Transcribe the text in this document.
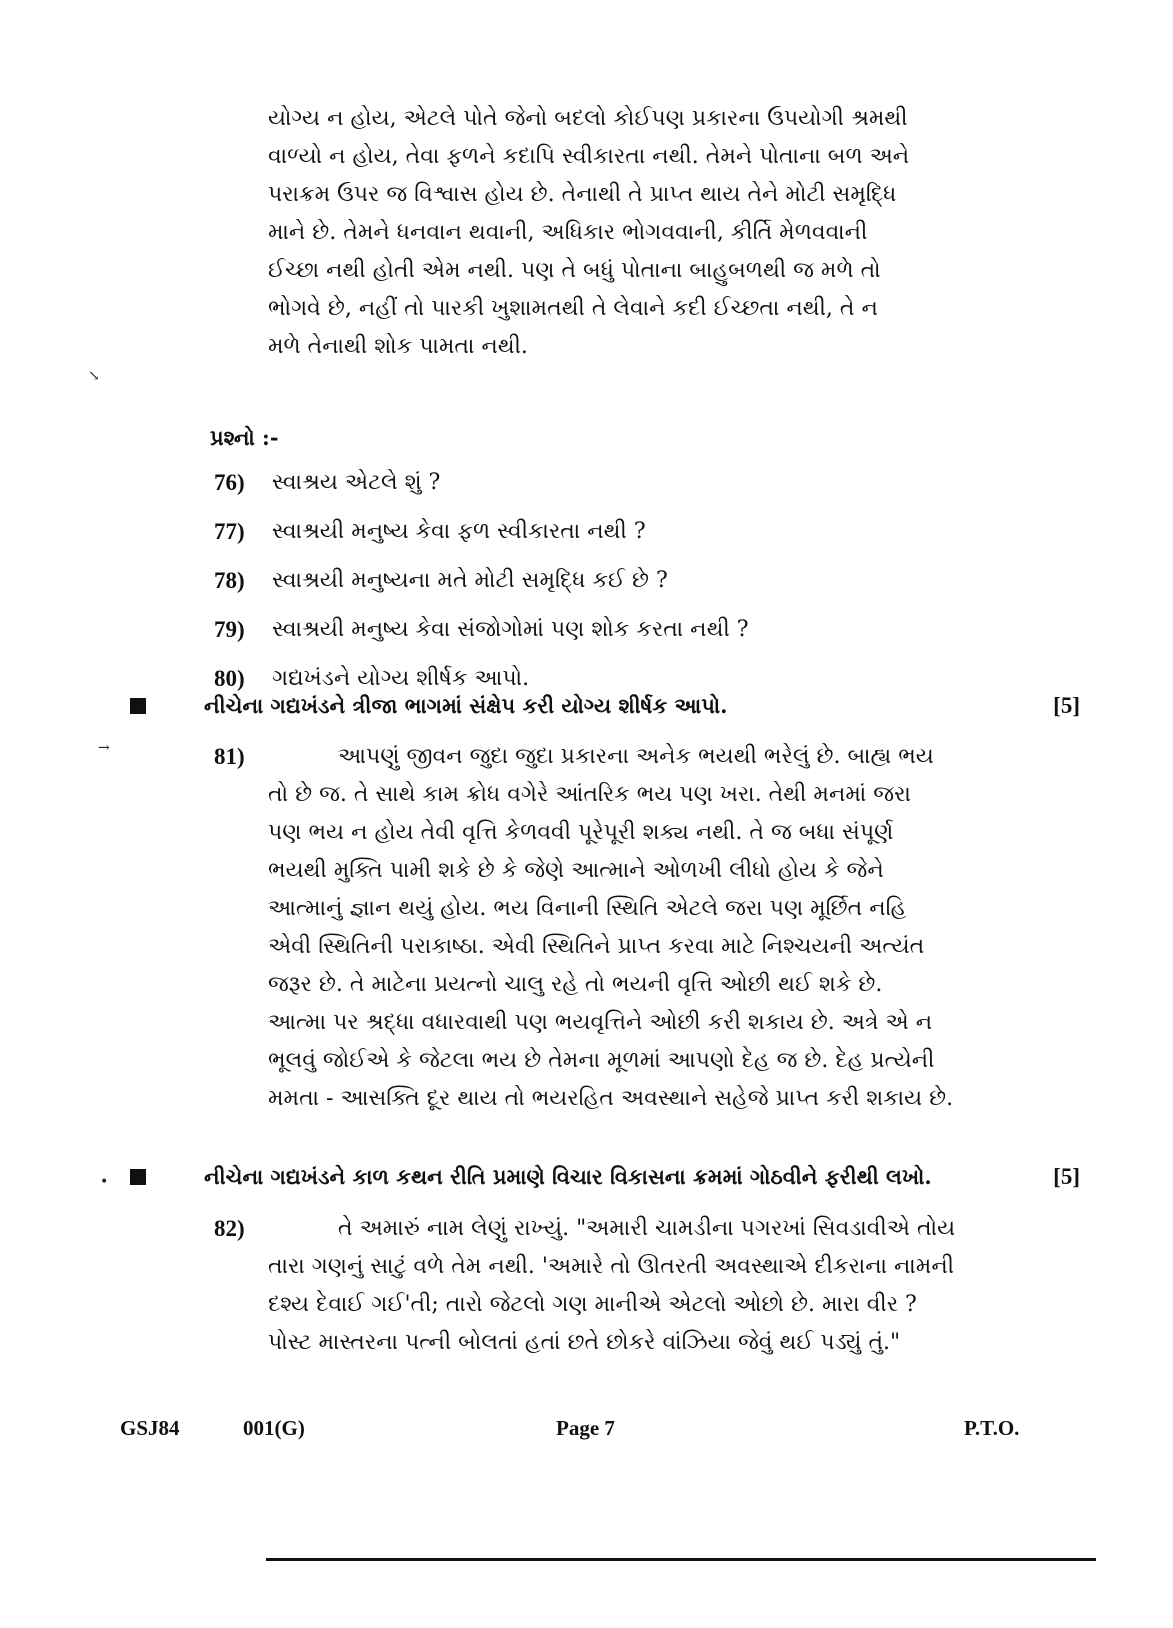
યોગ્ય ન હોય, એટલે પોતે જેનો બદલો કોઈપણ પ્રકારના ઉપયોગી શ્રમથી
વાળ્યો ન હોય, તેવા ફળને કદાપિ સ્વીકારતા નથી. તેમને પોતાના બળ અને
પરાક્રમ ઉપર જ વિશ્વાસ હોય છે. તેનાથી તે પ્રાપ્ત થાય તેને મોટી સમૃદ્ધિ
માને છે. તેમને ધનવાન થવાની, અધિકાર ભોગવવાની, કીર્તિ મેળવવાની
ઈચ્છા નથી હોતી એમ નથી. પણ તે બધું પોતાના બાહુબળથી જ મળે તો
ભોગવે છે, નહીં તો પારકી ખુશામતથી તે લેવાને કદી ઈચ્છતા નથી, તે ન
મળે તેનાથી શોક પામતા નથી.
પ્રશ્નો :-
76)	સ્વાશ્રય એટલે શું ?
77)	સ્વાશ્રયી મનુષ્ય કેવા ફળ સ્વીકારતા નથી ?
78)	સ્વાશ્રયી મનુષ્યના મતે મોટી સમૃદ્ધિ કઈ છે ?
79)	સ્વાશ્રયી મનુષ્ય કેવા સંજોગોમાં પણ શોક કરતા નથી ?
80)	ગદ્યખંડને યોગ્ય શીર્ષક આપો.
નીચેના ગદ્યખંડને ત્રીજા ભાગમાં સંક્ષેપ કરી યોગ્ય શીર્ષક આપો.	[5]
81)	આપણું જીવન જુદા જુદા પ્રકારના અનેક ભયથી ભરેલું છે. બાહ્ય ભય
તો છે જ. તે સાથે કામ ક્રોધ વગેરે આંતરિક ભય પણ ખરા. તેથી મનમાં જરા
પણ ભય ન હોય તેવી વૃત્તિ કેળવવી પૂરેપૂરી શક્ય નથી. તે જ બધા સંપૂર્ણ
ભયથી મુક્તિ પામી શકે છે કે જેણે આત્માને ઓળખી લીધો હોય કે જેને
આત્માનું જ્ઞાન થયું હોય. ભય વિનાની સ્થિતિ એટલે જરા પણ મૂર્છિત નહિ
એવી સ્થિતિની પરાકાષ્ઠા. એવી સ્થિતિને પ્રાપ્ત કરવા માટે નિશ્ચયની અત્યંત
જરૂર છે. તે માટેના પ્રયત્નો ચાલુ રહે તો ભયની વૃત્તિ ઓછી થઈ શકે છે.
આત્મા પર શ્રદ્ધા વધારવાથી પણ ભયવૃત્તિને ઓછી કરી શકાય છે. અત્રે એ ન
ભૂલવું જોઈએ કે જેટલા ભય છે તેમના મૂળમાં આપણો દેહ જ છે. દેહ પ્રત્યેની
મમતા - આસક્તિ દૂર થાય તો ભયરહિત અવસ્થાને સહેજે પ્રાપ્ત કરી શકાય છે.
નીચેના ગદ્યખંડને કાળ કથન રીતિ પ્રમાણે વિચાર વિકાસના ક્રમમાં ગોઠવીને ફરીથી લખો.	[5]
82)	તે અમારું નામ લેણું રાખ્યું. "અમારી ચામડીના પગરખાં સિવડાવીએ તોય
તારા ગણનું સાટું વળે તેમ નથી. 'અમારે તો ઊતરતી અવસ્થાએ દીકરાના નામની
દશ્ય દેવાઈ ગઈ'તી; તારો જેટલો ગણ માનીએ એટલો ઓછો છે. મારા વીર ?
પોસ્ટ માસ્તરના પત્ની બોલતાં હતાં છતે છોકરે વાંઝિયા જેવું થઈ પડ્યું તું."
GSJ84	001(G)	Page 7	P.T.O.
↘
→
•
